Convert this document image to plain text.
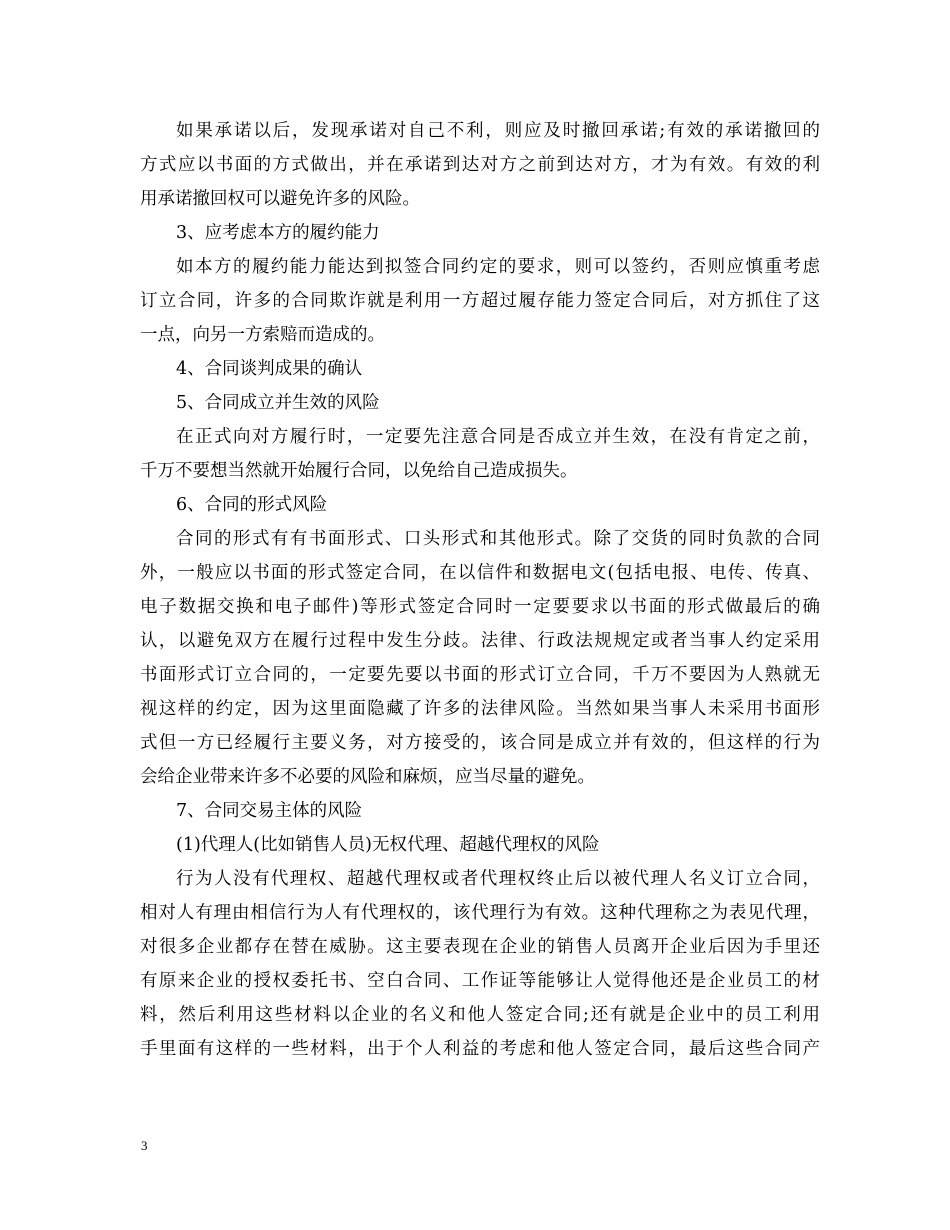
如果承诺以后，发现承诺对自己不利，则应及时撤回承诺;有效的承诺撤回的
方式应以书面的方式做出，并在承诺到达对方之前到达对方，才为有效。有效的利
用承诺撤回权可以避免许多的风险。
3、应考虑本方的履约能力
如本方的履约能力能达到拟签合同约定的要求，则可以签约，否则应慎重考虑
订立合同，许多的合同欺诈就是利用一方超过履存能力签定合同后，对方抓住了这
一点，向另一方索赔而造成的。
4、合同谈判成果的确认
5、合同成立并生效的风险
在正式向对方履行时，一定要先注意合同是否成立并生效，在没有肯定之前，
千万不要想当然就开始履行合同，以免给自己造成损失。
6、合同的形式风险
合同的形式有有书面形式、口头形式和其他形式。除了交货的同时负款的合同
外，一般应以书面的形式签定合同，在以信件和数据电文(包括电报、电传、传真、
电子数据交换和电子邮件)等形式签定合同时一定要要求以书面的形式做最后的确
认，以避免双方在履行过程中发生分歧。法律、行政法规规定或者当事人约定采用
书面形式订立合同的，一定要先要以书面的形式订立合同，千万不要因为人熟就无
视这样的约定，因为这里面隐藏了许多的法律风险。当然如果当事人未采用书面形
式但一方已经履行主要义务，对方接受的，该合同是成立并有效的，但这样的行为
会给企业带来许多不必要的风险和麻烦，应当尽量的避免。
7、合同交易主体的风险
(1)代理人(比如销售人员)无权代理、超越代理权的风险
行为人没有代理权、超越代理权或者代理权终止后以被代理人名义订立合同，
相对人有理由相信行为人有代理权的，该代理行为有效。这种代理称之为表见代理，
对很多企业都存在替在威胁。这主要表现在企业的销售人员离开企业后因为手里还
有原来企业的授权委托书、空白合同、工作证等能够让人觉得他还是企业员工的材
料，然后利用这些材料以企业的名义和他人签定合同;还有就是企业中的员工利用
手里面有这样的一些材料，出于个人利益的考虑和他人签定合同，最后这些合同产
3
